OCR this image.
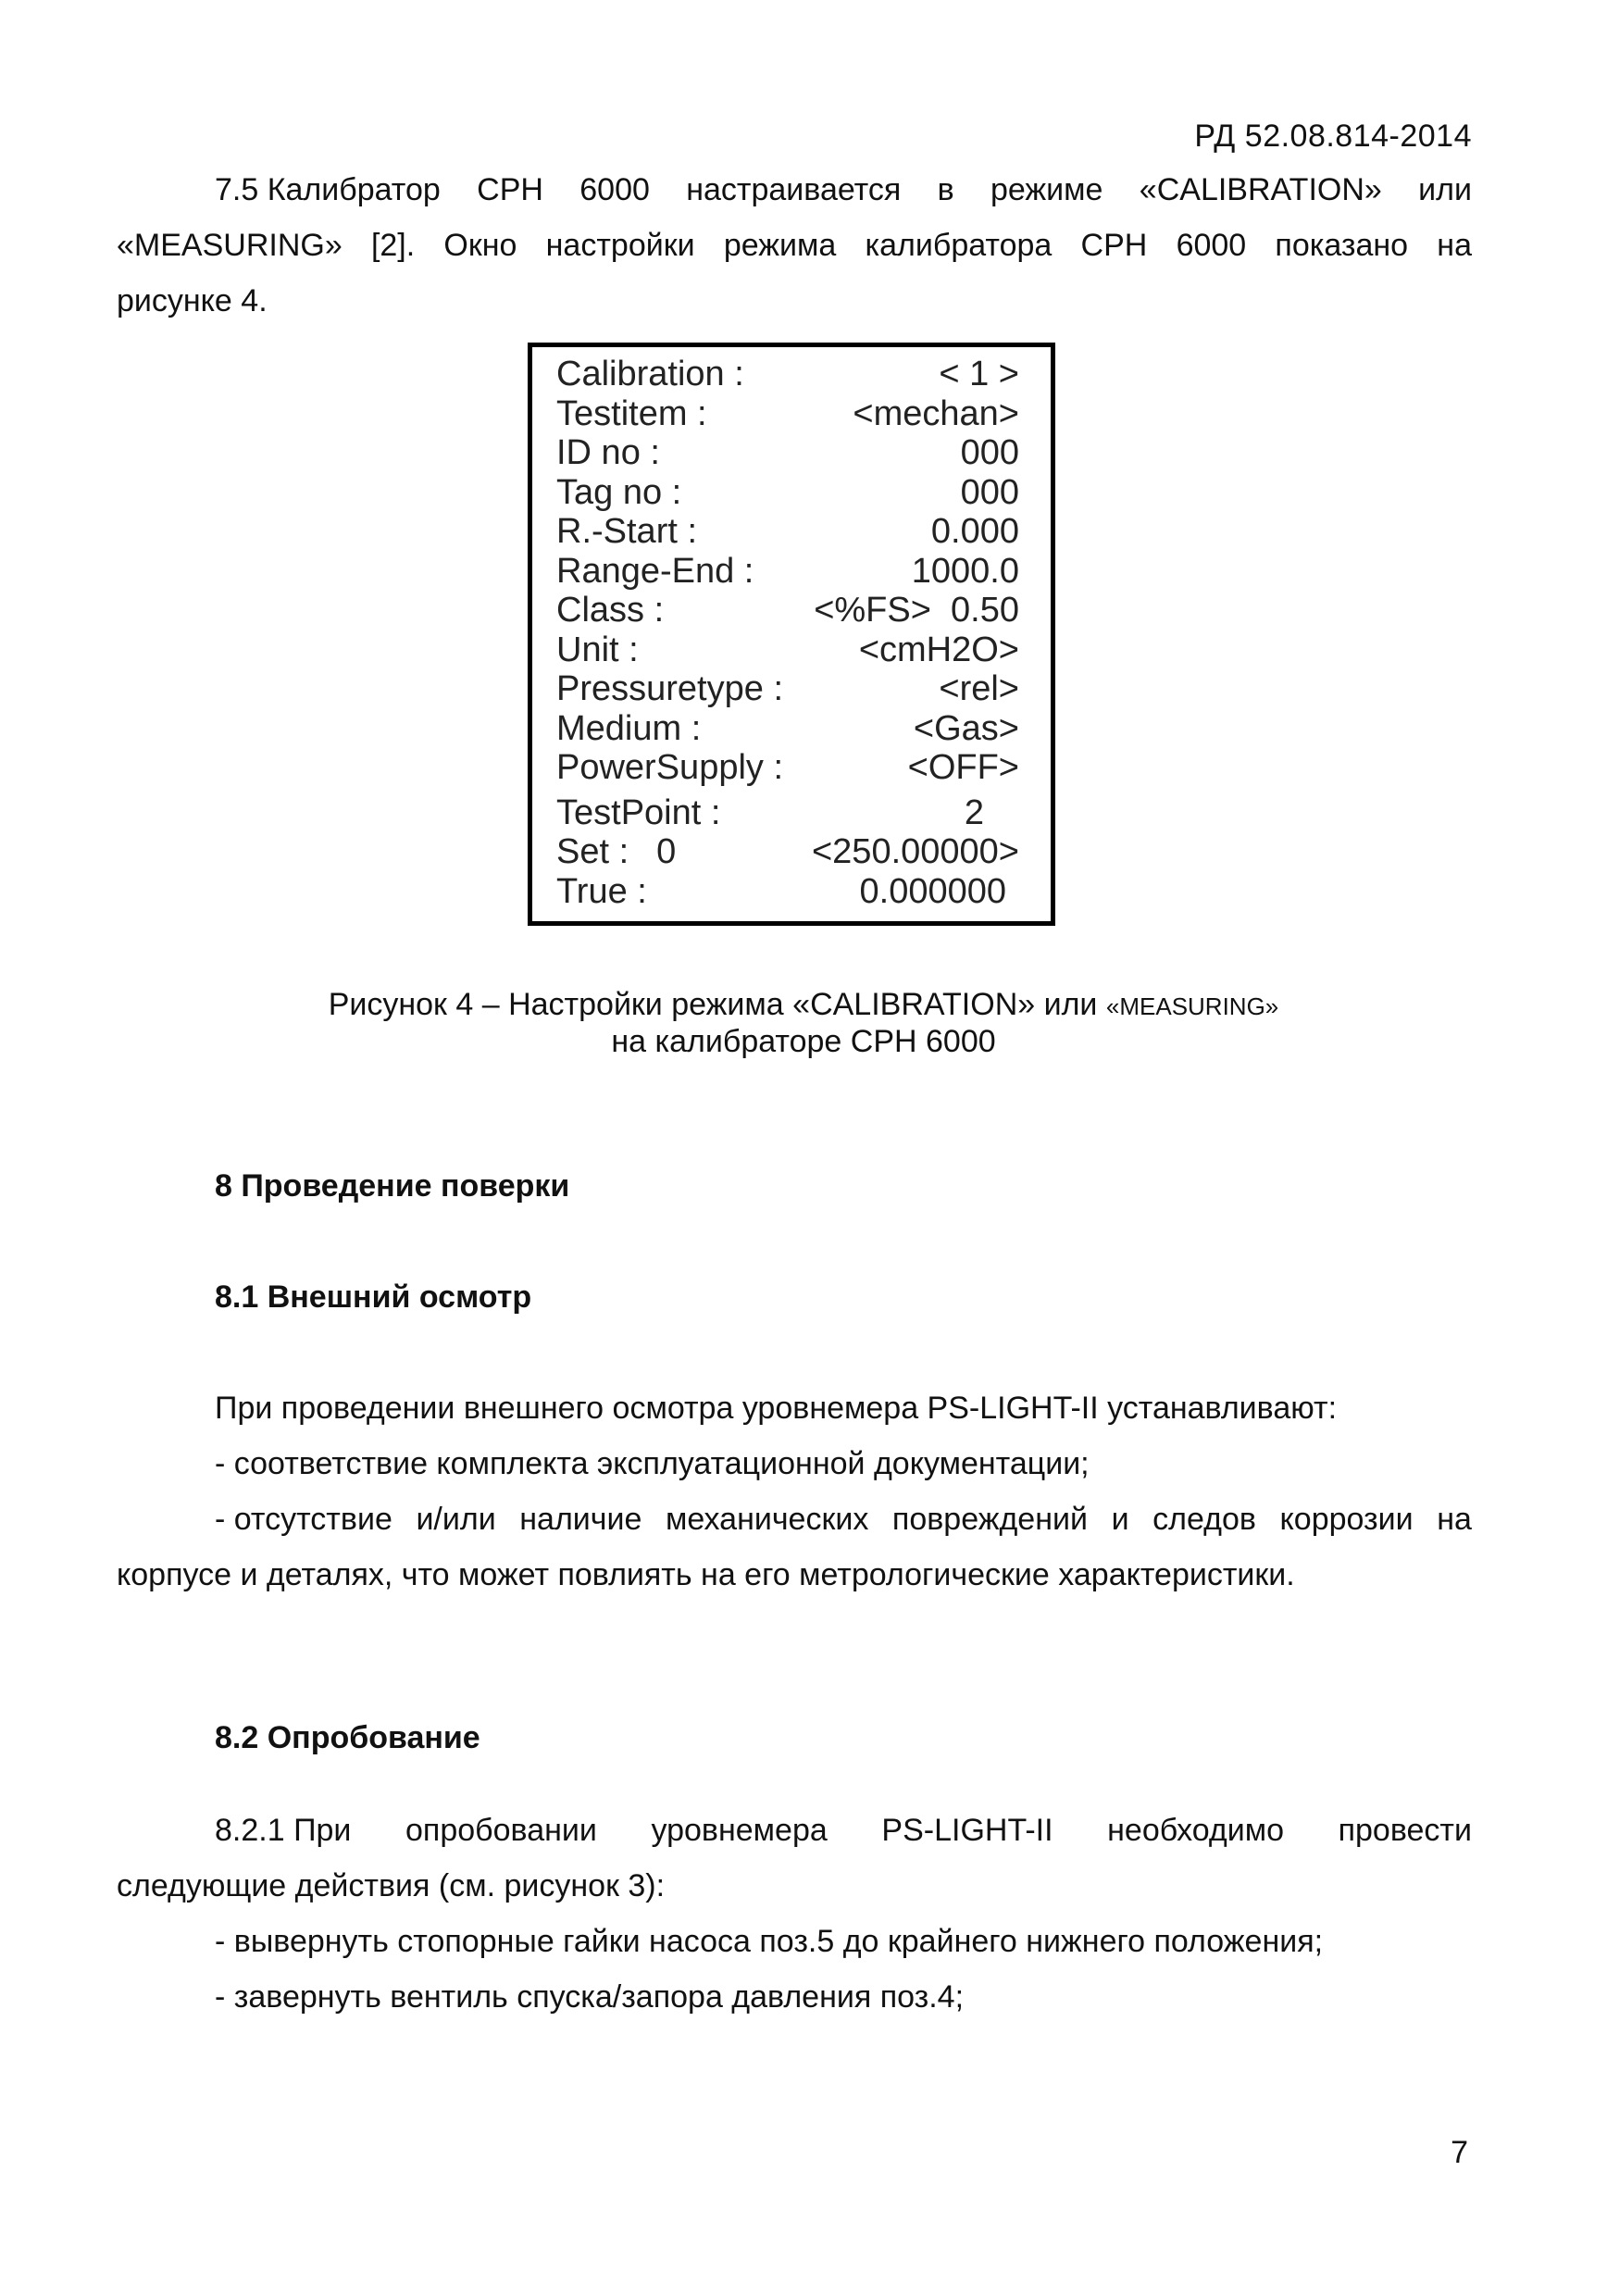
РД 52.08.814-2014
7.5 Калибратор CPH 6000 настраивается в режиме «CALIBRATION» или
«MEASURING» [2]. Окно настройки режима калибратора CPH 6000 показано на
рисунке 4.
Calibration :	< 1 >
Testitem :	<mechan>
ID no :	000
Tag no :	000
R.-Start :	0.000
Range-End :	1000.0
Class :	<%FS>  0.50
Unit :	<cmH2O>
Pressuretype :	<rel>
Medium :	<Gas>
PowerSupply :	<OFF>
TestPoint :	2
Set : 0	<250.00000>
True :	0.000000
Рисунок 4 – Настройки режима «CALIBRATION» или «MEASURING»
на калибраторе CPH 6000
8 Проведение поверки
8.1 Внешний осмотр
При проведении внешнего осмотра уровнемера PS-LIGHT-II устанавливают:
- соответствие комплекта эксплуатационной документации;
- отсутствие и/или наличие механических повреждений и следов коррозии на
корпусе и деталях, что может повлиять на его метрологические характеристики.
8.2 Опробование
8.2.1 При опробовании уровнемера PS-LIGHT-II необходимо провести
следующие действия (см. рисунок 3):
- вывернуть стопорные гайки насоса поз.5 до крайнего нижнего положения;
- завернуть вентиль спуска/запора давления поз.4;
7
